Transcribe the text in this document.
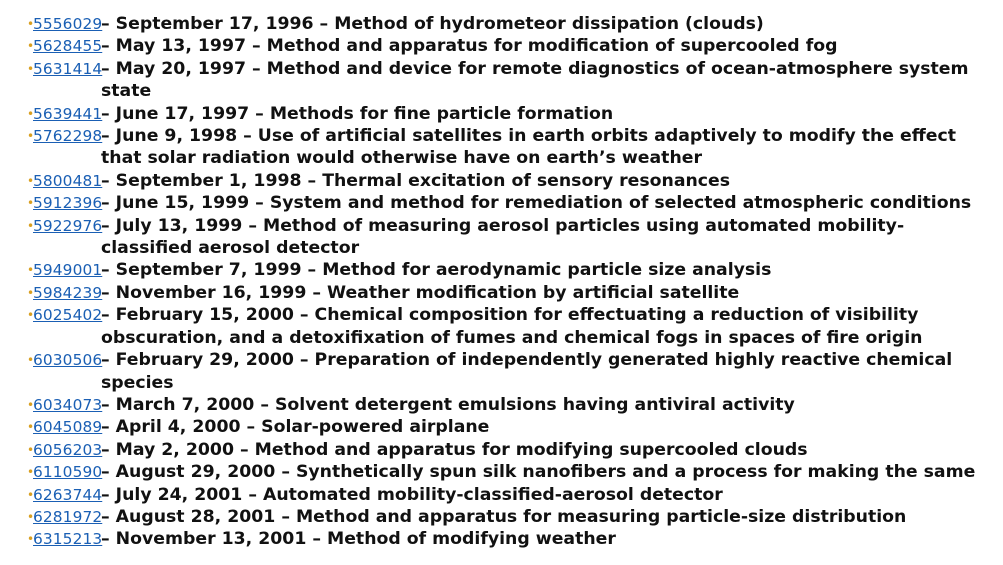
•
5556029
– September 17, 1996 – Method of hydrometeor dissipation (clouds)
•
5628455
– May 13, 1997 – Method and apparatus for modification of supercooled fog
•
5631414
– May 20, 1997 – Method and device for remote diagnostics of ocean-atmosphere system state
•
5639441
– June 17, 1997 – Methods for fine particle formation
•
5762298
– June 9, 1998 – Use of artificial satellites in earth orbits adaptively to modify the effect that solar radiation would otherwise have on earth’s weather
•
5800481
– September 1, 1998 – Thermal excitation of sensory resonances
•
5912396
– June 15, 1999 – System and method for remediation of selected atmospheric conditions
•
5922976
– July 13, 1999 – Method of measuring aerosol particles using automated mobility-classified aerosol detector
•
5949001
– September 7, 1999 – Method for aerodynamic particle size analysis
•
5984239
– November 16, 1999 – Weather modification by artificial satellite
•
6025402
– February 15, 2000 – Chemical composition for effectuating a reduction of visibility obscuration, and a detoxifixation of fumes and chemical fogs in spaces of fire origin
•
6030506
– February 29, 2000 – Preparation of independently generated highly reactive chemical species
•
6034073
– March 7, 2000 – Solvent detergent emulsions having antiviral activity
•
6045089
– April 4, 2000 – Solar-powered airplane
•
6056203
– May 2, 2000 – Method and apparatus for modifying supercooled clouds
•
6110590
– August 29, 2000 – Synthetically spun silk nanofibers and a process for making the same
•
6263744
– July 24, 2001 – Automated mobility-classified-aerosol detector
•
6281972
– August 28, 2001 – Method and apparatus for measuring particle-size distribution
•
6315213
– November 13, 2001 – Method of modifying weather
